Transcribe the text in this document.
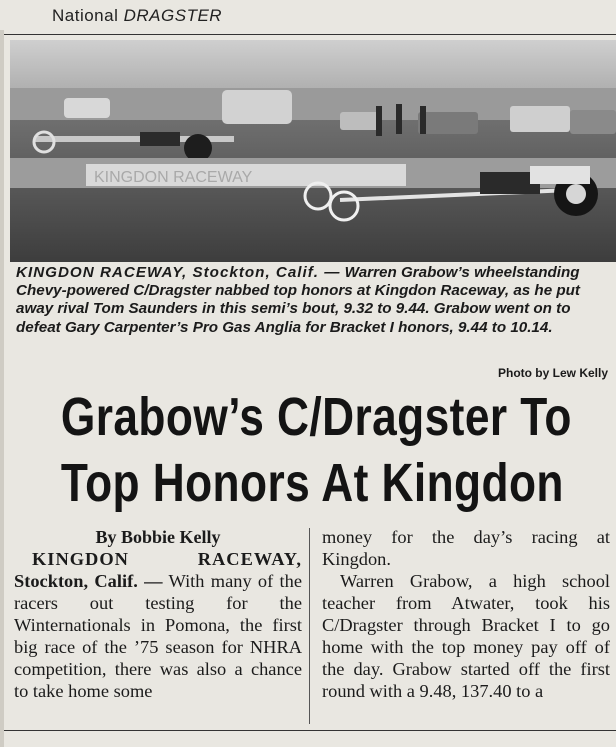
National DRAGSTER
KINGDON RACEWAY
KINGDON RACEWAY, Stockton, Calif. — Warren Grabow’s wheelstanding Chevy-powered C/Dragster nabbed top honors at Kingdon Raceway, as he put away rival Tom Saunders in this semi’s bout, 9.32 to 9.44. Grabow went on to defeat Gary Carpenter’s Pro Gas Anglia for Bracket I honors, 9.44 to 10.14.
Photo by Lew Kelly
Grabow’s C/Dragster To
Top Honors At Kingdon
By Bobbie Kelly

KINGDON RACEWAY, Stockton, Calif. — With many of the racers out testing for the Winternationals in Pomona, the first big race of the ’75 season for NHRA competition, there was also a chance to take home some

money for the day’s racing at Kingdon.

Warren Grabow, a high school teacher from Atwater, took his C/Dragster through Bracket I to go home with the top money pay off of the day. Grabow started off the first round with a 9.48, 137.40 to a
